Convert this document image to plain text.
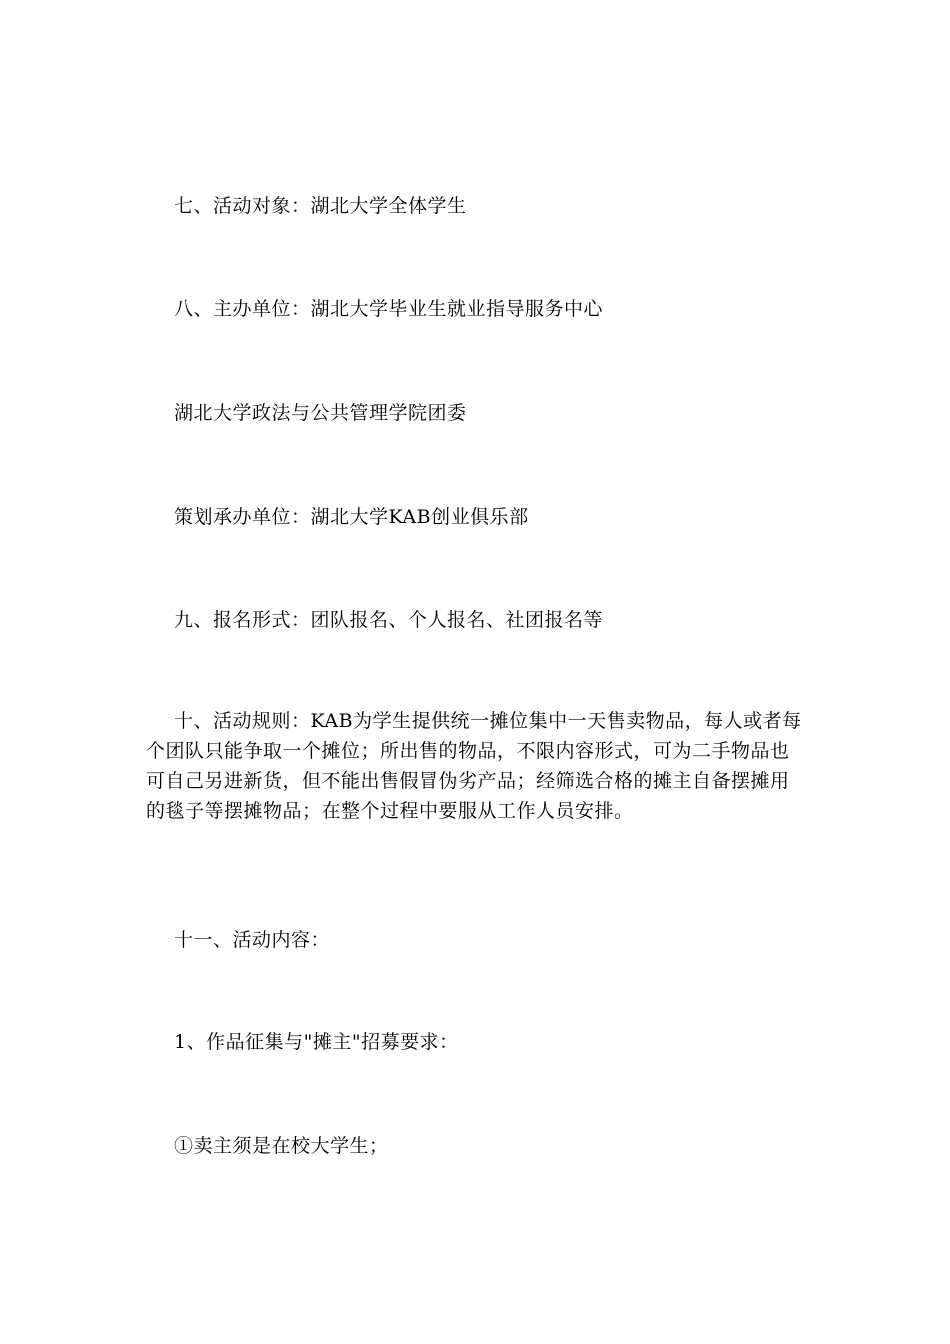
七、活动对象：湖北大学全体学生

八、主办单位：湖北大学毕业生就业指导服务中心

湖北大学政法与公共管理学院团委

策划承办单位：湖北大学KAB创业俱乐部

九、报名形式：团队报名、个人报名、社团报名等

十、活动规则：KAB为学生提供统一摊位集中一天售卖物品，每人或者每个团队只能争取一个摊位；所出售的物品，不限内容形式，可为二手物品也可自己另进新货，但不能出售假冒伪劣产品；经筛选合格的摊主自备摆摊用的毯子等摆摊物品；在整个过程中要服从工作人员安排。

十一、活动内容：

1、作品征集与"摊主"招募要求：

①卖主须是在校大学生；
